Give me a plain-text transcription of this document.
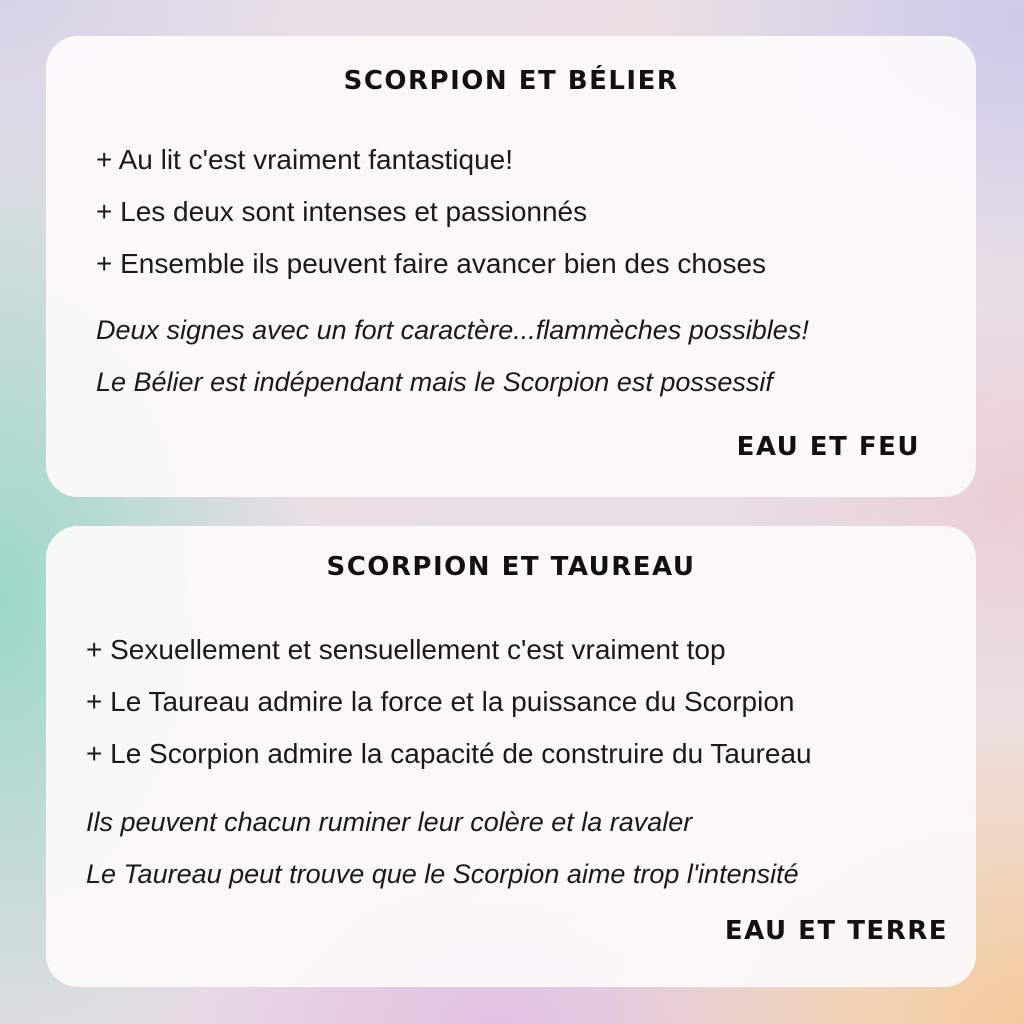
SCORPION ET BÉLIER
+ Au lit c'est vraiment fantastique!
+ Les deux sont intenses et passionnés
+ Ensemble ils peuvent faire avancer bien des choses

Deux signes avec un fort caractère...flammèches possibles!

Le Bélier est indépendant mais le Scorpion est possessif

EAU ET FEU
SCORPION ET TAUREAU
+ Sexuellement et sensuellement c'est vraiment top
+ Le Taureau admire la force et la puissance du Scorpion
+ Le Scorpion admire la capacité de construire du Taureau

Ils peuvent chacun ruminer leur colère et la ravaler

Le Taureau peut trouve que le Scorpion aime trop l'intensité

EAU ET TERRE
